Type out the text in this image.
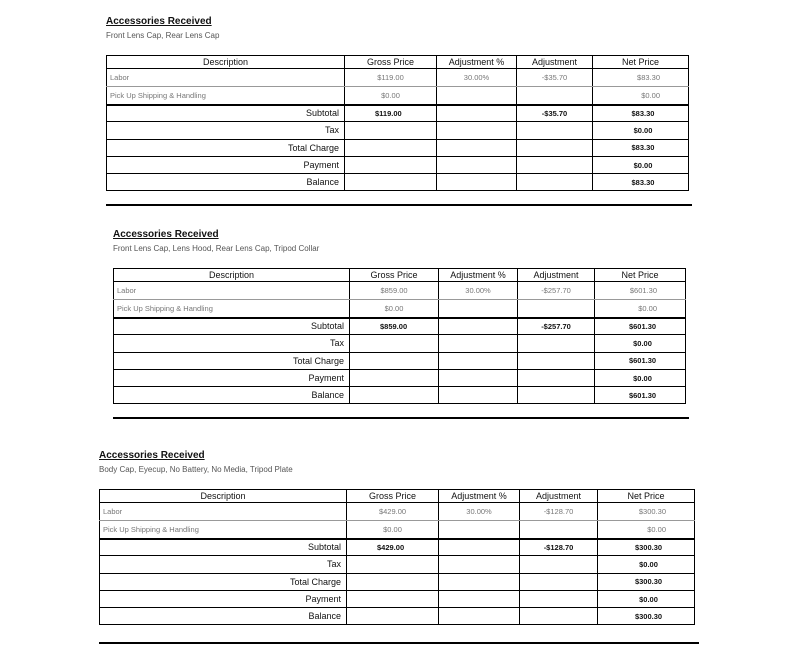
Accessories Received

Front Lens Cap, Rear Lens Cap

Description	Gross Price	Adjustment %	Adjustment	Net Price
Labor	$119.00	30.00%	-$35.70	$83.30
Pick Up Shipping & Handling	$0.00			$0.00
Subtotal	$119.00		-$35.70	$83.30
Tax				$0.00
Total Charge				$83.30
Payment				$0.00
Balance				$83.30

Accessories Received

Front Lens Cap, Lens Hood, Rear Lens Cap, Tripod Collar

Description	Gross Price	Adjustment %	Adjustment	Net Price
Labor	$859.00	30.00%	-$257.70	$601.30
Pick Up Shipping & Handling	$0.00			$0.00
Subtotal	$859.00		-$257.70	$601.30
Tax				$0.00
Total Charge				$601.30
Payment				$0.00
Balance				$601.30

Accessories Received

Body Cap, Eyecup, No Battery, No Media, Tripod Plate

Description	Gross Price	Adjustment %	Adjustment	Net Price
Labor	$429.00	30.00%	-$128.70	$300.30
Pick Up Shipping & Handling	$0.00			$0.00
Subtotal	$429.00		-$128.70	$300.30
Tax				$0.00
Total Charge				$300.30
Payment				$0.00
Balance				$300.30
